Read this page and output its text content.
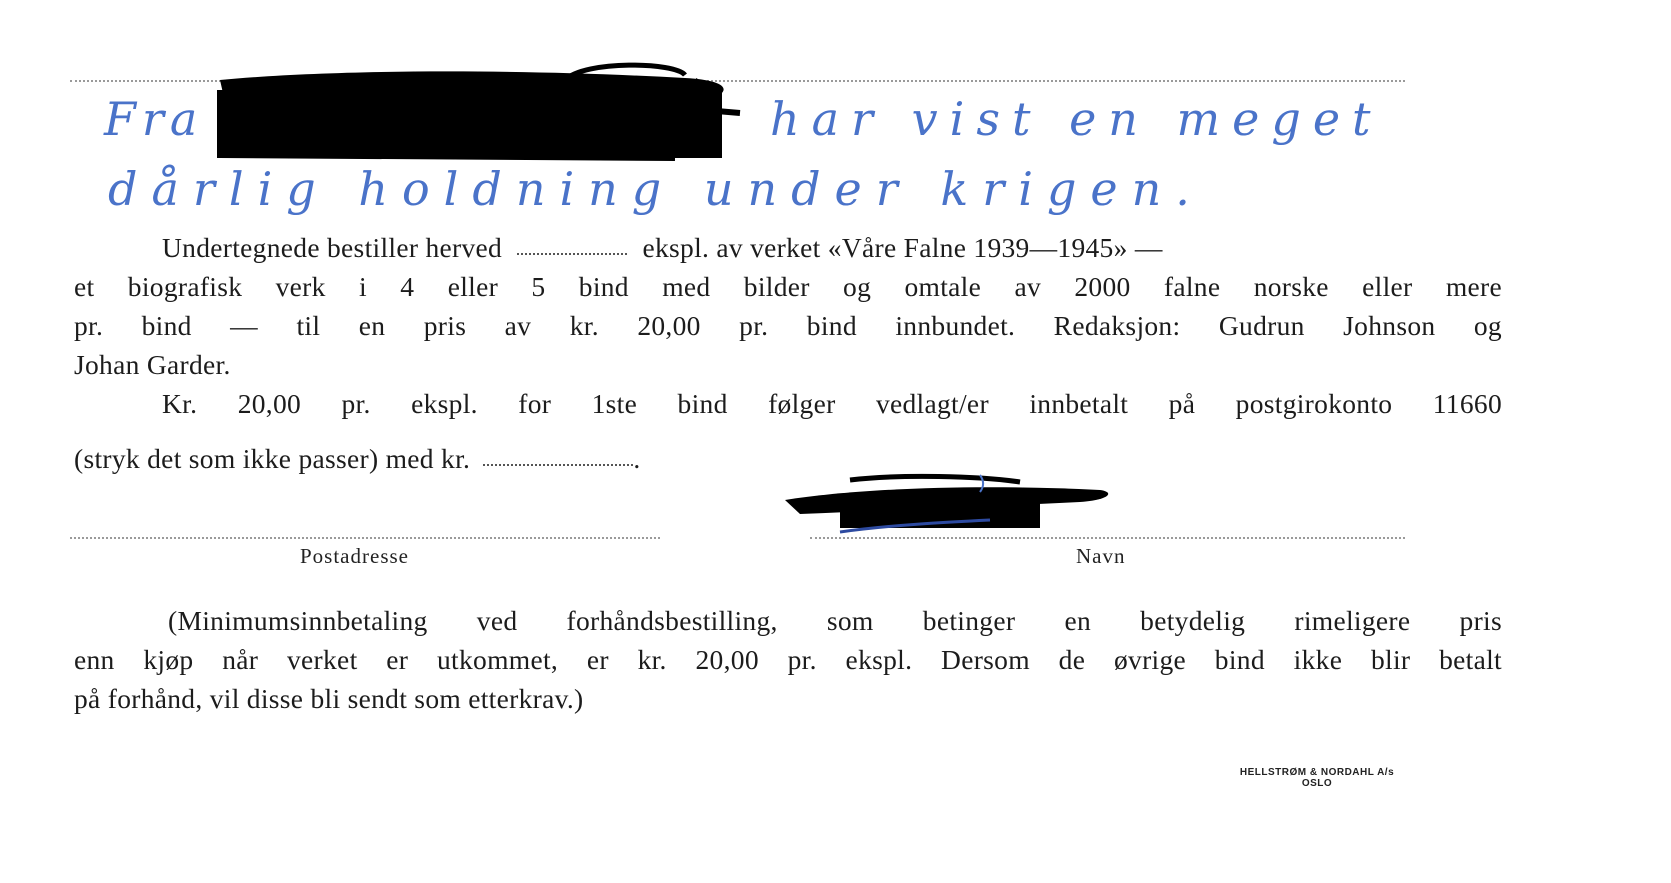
Fra	har vist en meget
dårlig holdning under krigen.
Undertegnede bestiller herved	ekspl. av verket «Våre Falne 1939—1945» —
et biografisk verk i 4 eller 5 bind med bilder og omtale av 2000 falne norske eller mere
pr. bind — til en pris av kr. 20,00 pr. bind innbundet. Redaksjon: Gudrun Johnson og
Johan Garder.
Kr. 20,00 pr. ekspl. for 1ste bind følger vedlagt/er innbetalt på postgirokonto 11660
(stryk det som ikke passer) med kr.	.
Postadresse	Navn
(Minimumsinnbetaling ved forhåndsbestilling, som betinger en betydelig rimeligere pris
enn kjøp når verket er utkommet, er kr. 20,00 pr. ekspl. Dersom de øvrige bind ikke blir betalt
på forhånd, vil disse bli sendt som etterkrav.)
HELLSTRØM & NORDAHL A/s
OSLO
